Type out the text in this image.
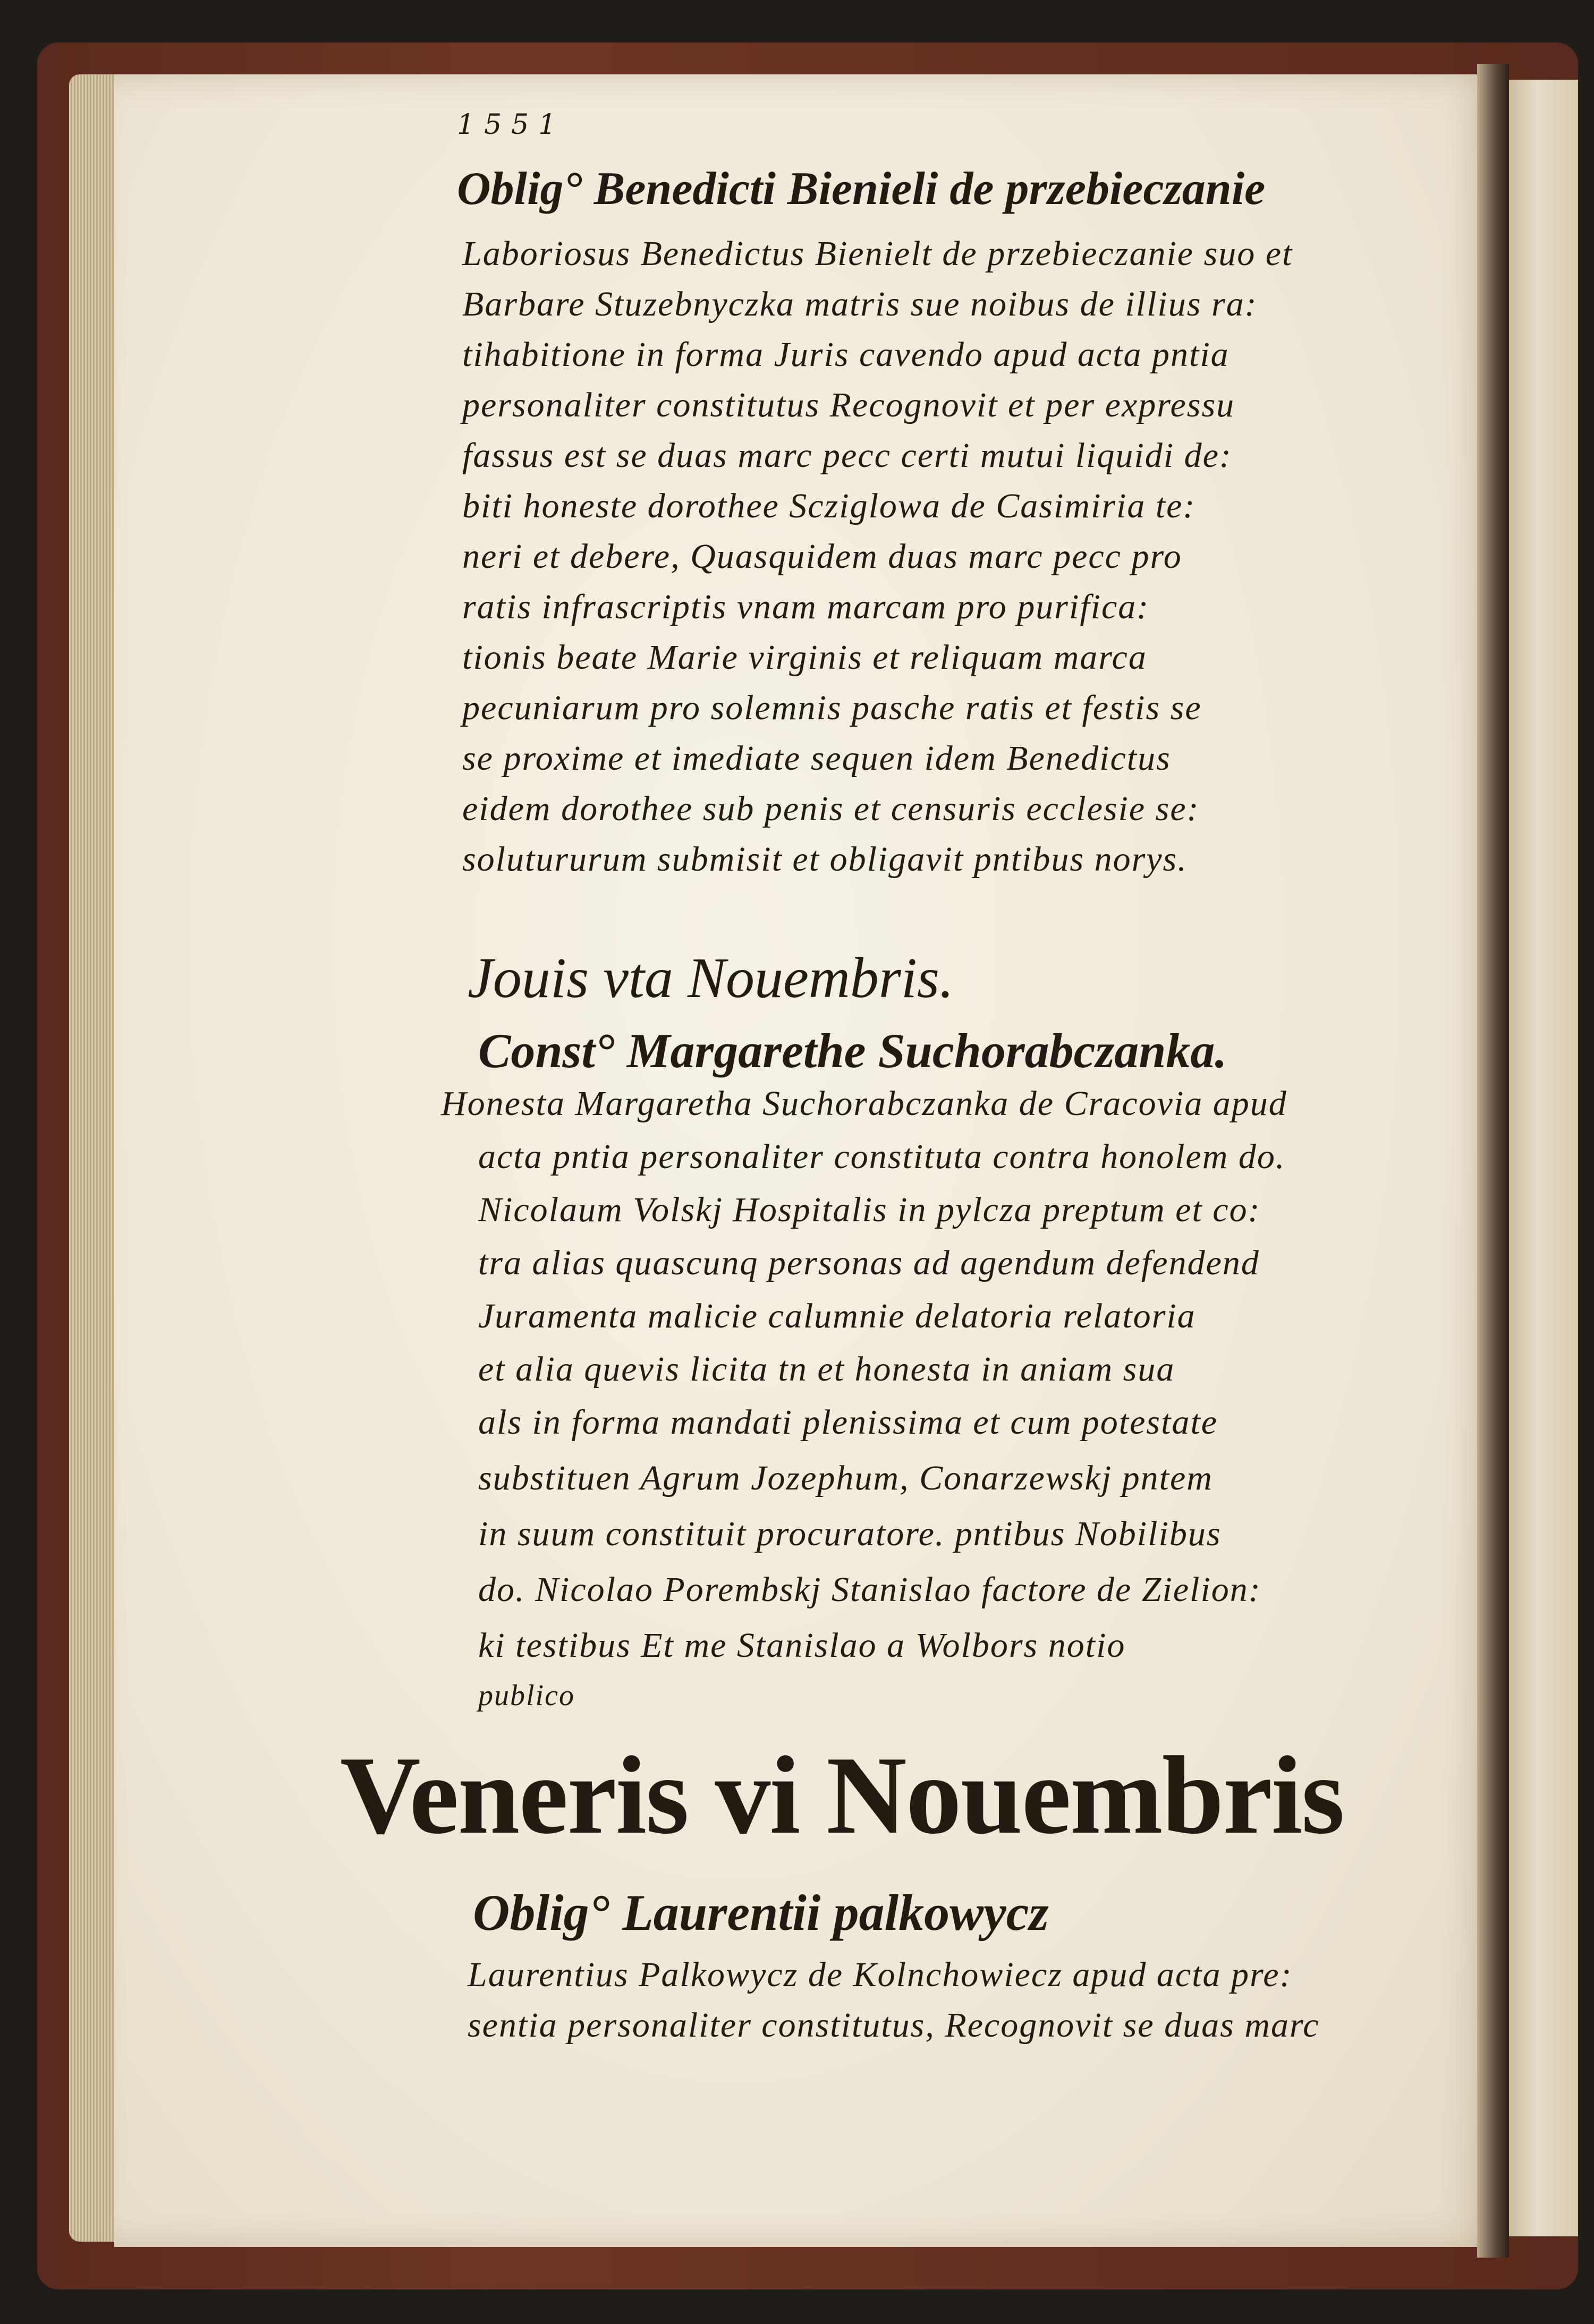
1551
Oblig° Benedicti Bienieli de przebieczanie
Laboriosus Benedictus Bienielt de przebieczanie suo et
Barbare Stuzebnyczka matris sue noibus de illius ra:
tihabitione in forma Juris cavendo apud acta pntia
personaliter constitutus Recognovit et per expressu
fassus est se duas marc pecc certi mutui liquidi de:
biti honeste dorothee Scziglowa de Casimiria te:
neri et debere, Quasquidem duas marc pecc pro
ratis infrascriptis vnam marcam pro purifica:
tionis beate Marie virginis et reliquam marca
pecuniarum pro solemnis pasche ratis et festis se
se proxime et imediate sequen idem Benedictus
eidem dorothee sub penis et censuris ecclesie se:
solutururum submisit et obligavit pntibus norys.
Jouis vta Nouembris.
Const° Margarethe Suchorabczanka.
Honesta Margaretha Suchorabczanka de Cracovia apud
acta pntia personaliter constituta contra honolem do.
Nicolaum Volskj Hospitalis in pylcza preptum et co:
tra alias quascunq personas ad agendum defendend
Juramenta malicie calumnie delatoria relatoria
et alia quevis licita tn et honesta in aniam sua
als in forma mandati plenissima et cum potestate
substituen Agrum Jozephum, Conarzewskj pntem
in suum constituit procuratore. pntibus Nobilibus
do. Nicolao Porembskj Stanislao factore de Zielion:
ki testibus Et me Stanislao a Wolbors notio
publico
Veneris vi Nouembris
Oblig° Laurentii palkowycz
Laurentius Palkowycz de Kolnchowiecz apud acta pre:
sentia personaliter constitutus, Recognovit se duas marc
